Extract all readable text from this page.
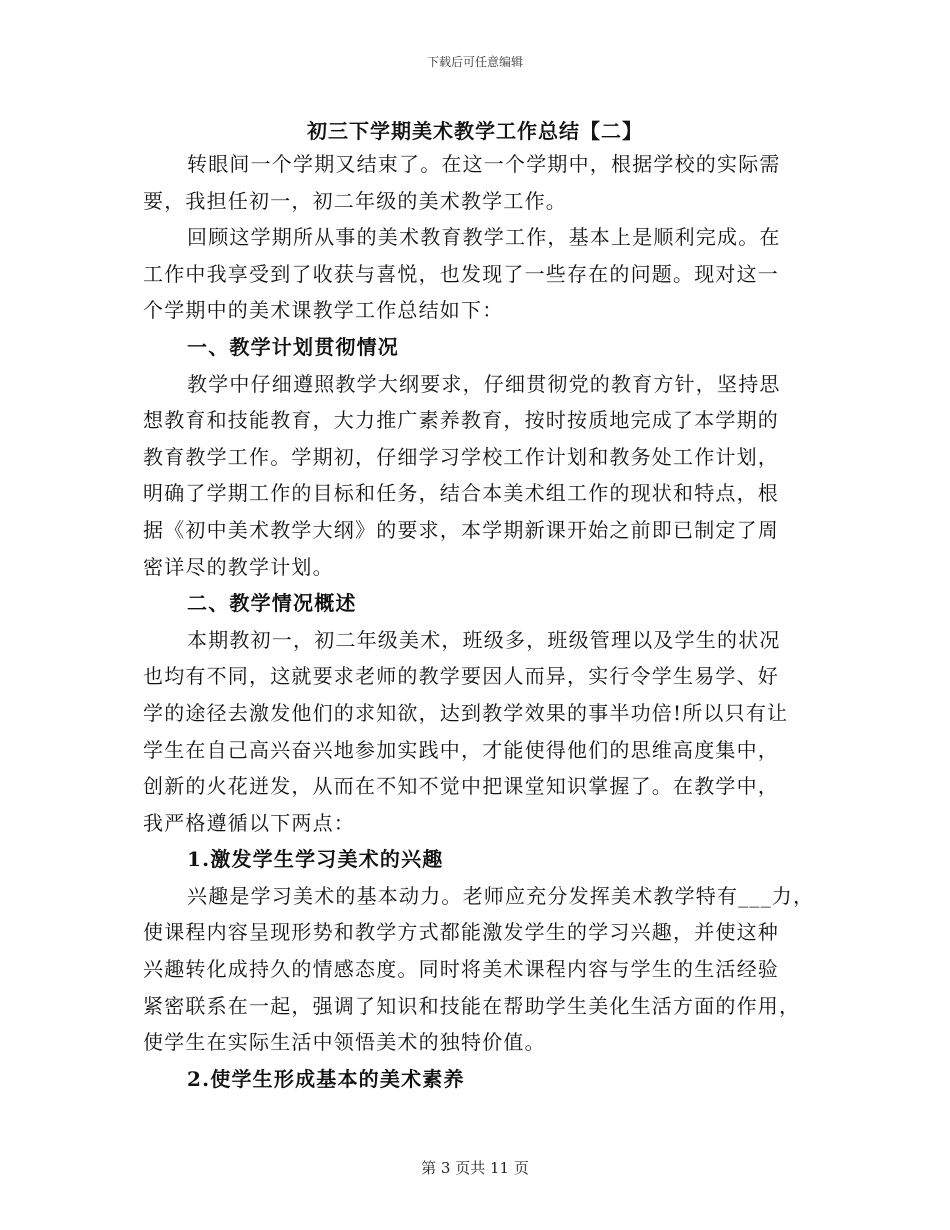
下载后可任意编辑
初三下学期美术教学工作总结【二】
转眼间一个学期又结束了。在这一个学期中，根据学校的实际需
要，我担任初一，初二年级的美术教学工作。
回顾这学期所从事的美术教育教学工作，基本上是顺利完成。在
工作中我享受到了收获与喜悦，也发现了一些存在的问题。现对这一
个学期中的美术课教学工作总结如下：
一、教学计划贯彻情况
教学中仔细遵照教学大纲要求，仔细贯彻党的教育方针，坚持思
想教育和技能教育，大力推广素养教育，按时按质地完成了本学期的
教育教学工作。学期初，仔细学习学校工作计划和教务处工作计划，
明确了学期工作的目标和任务，结合本美术组工作的现状和特点，根
据《初中美术教学大纲》的要求，本学期新课开始之前即已制定了周
密详尽的教学计划。
二、教学情况概述
本期教初一，初二年级美术，班级多，班级管理以及学生的状况
也均有不同，这就要求老师的教学要因人而异，实行令学生易学、好
学的途径去激发他们的求知欲，达到教学效果的事半功倍!所以只有让
学生在自己高兴奋兴地参加实践中，才能使得他们的思维高度集中，
创新的火花迸发，从而在不知不觉中把课堂知识掌握了。在教学中，
我严格遵循以下两点：
1.激发学生学习美术的兴趣
兴趣是学习美术的基本动力。老师应充分发挥美术教学特有___力，
使课程内容呈现形势和教学方式都能激发学生的学习兴趣，并使这种
兴趣转化成持久的情感态度。同时将美术课程内容与学生的生活经验
紧密联系在一起，强调了知识和技能在帮助学生美化生活方面的作用，
使学生在实际生活中领悟美术的独特价值。
2.使学生形成基本的美术素养
第 3 页共 11 页
